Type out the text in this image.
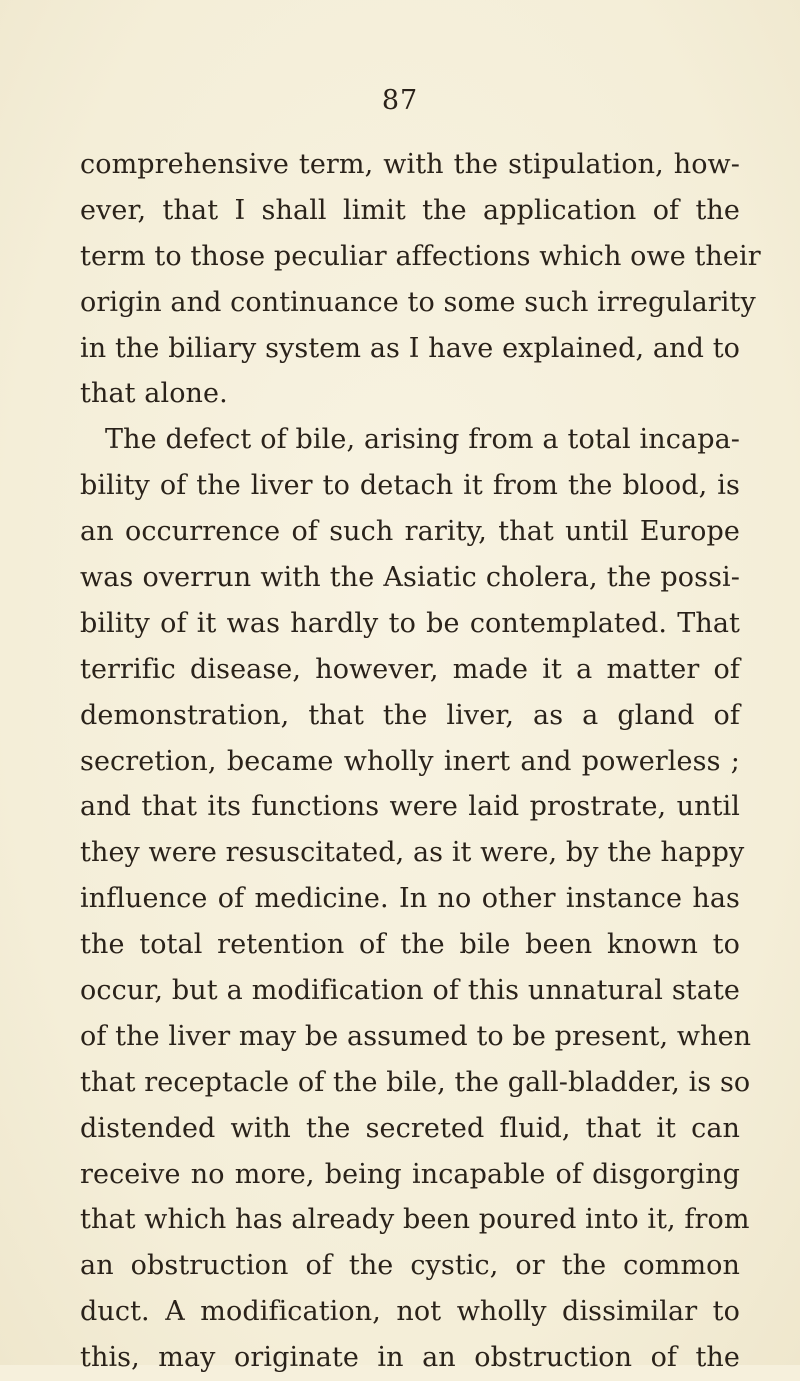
87
comprehensive term, with the stipulation, how-
ever, that I shall limit the application of the
term to those peculiar affections which owe their
origin and continuance to some such irregularity
in the biliary system as I have explained, and to
that alone.
The defect of bile, arising from a total incapa-
bility of the liver to detach it from the blood, is
an occurrence of such rarity, that until Europe
was overrun with the Asiatic cholera, the possi-
bility of it was hardly to be contemplated. That
terrific disease, however, made it a matter of
demonstration, that the liver, as a gland of
secretion, became wholly inert and powerless ;
and that its functions were laid prostrate, until
they were resuscitated, as it were, by the happy
influence of medicine. In no other instance has
the total retention of the bile been known to
occur, but a modification of this unnatural state
of the liver may be assumed to be present, when
that receptacle of the bile, the gall-bladder, is so
distended with the secreted fluid, that it can
receive no more, being incapable of disgorging
that which has already been poured into it, from
an obstruction of the cystic, or the common
duct. A modification, not wholly dissimilar to
this, may originate in an obstruction of the
